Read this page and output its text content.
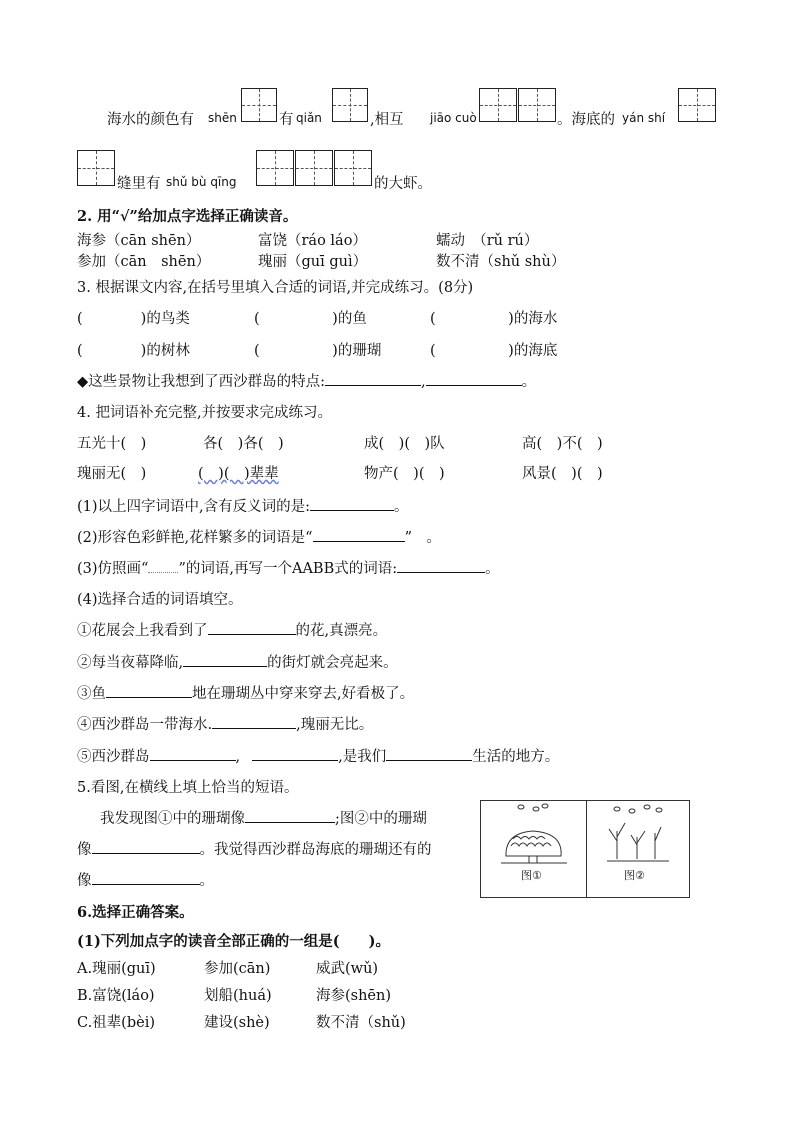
海水的颜色有 shēn	有 qiǎn	,相互 jiāo cuò	。海底的 yán shí
缝里有 shǔ bù qīng	的大虾。
2. 用“√”给加点字选择正确读音。
海参（cān shēn）	富饶（ráo láo）	蠕动　（rǔ rú）
参加（cān　shēn）	瑰丽（guī guì）	数不清（shǔ shù）
3. 根据课文内容,在括号里填入合适的词语,并完成练习。(8分)
(　　　　)的鸟类	(　　　　　)的鱼	(　　　　　)的海水
(　　　　)的树林	(　　　　　)的珊瑚	(　　　　　)的海底
◆这些景物让我想到了西沙群岛的特点:	,	。
4. 把词语补充完整,并按要求完成练习。
五光十(　)	各(　)各(　)	成(　)(　)队	高(　)不(　)
瑰丽无(　)	(　)(　)辈辈	物产(　)(　)	风景(　)(　)
(1)以上四字词语中,含有反义词的是:	。
(2)形容色彩鲜艳,花样繁多的词语是“	”　。
(3)仿照画“ ”的词语,再写一个AABB式的词语:	。
(4)选择合适的词语填空。
①花展会上我看到了	的花,真漂亮。
②每当夜幕降临,	的街灯就会亮起来。
③鱼	地在珊瑚丛中穿来穿去,好看极了。
④西沙群岛一带海水.	,瑰丽无比。
⑤西沙群岛	,	,是我们	生活的地方。
5.看图,在横线上填上恰当的短语。
我发现图①中的珊瑚像	;图②中的珊瑚
像	。我觉得西沙群岛海底的珊瑚还有的
像	。	图①	图②
6.选择正确答案。
(1)下列加点字的读音全部正确的一组是(　　)。
A.瑰丽(guī)	参加(cān)	威武(wǔ)
B.富饶(láo)	划船(huá)	海参(shēn)
C.祖辈(bèi)	建设(shè)	数不清（shǔ)
